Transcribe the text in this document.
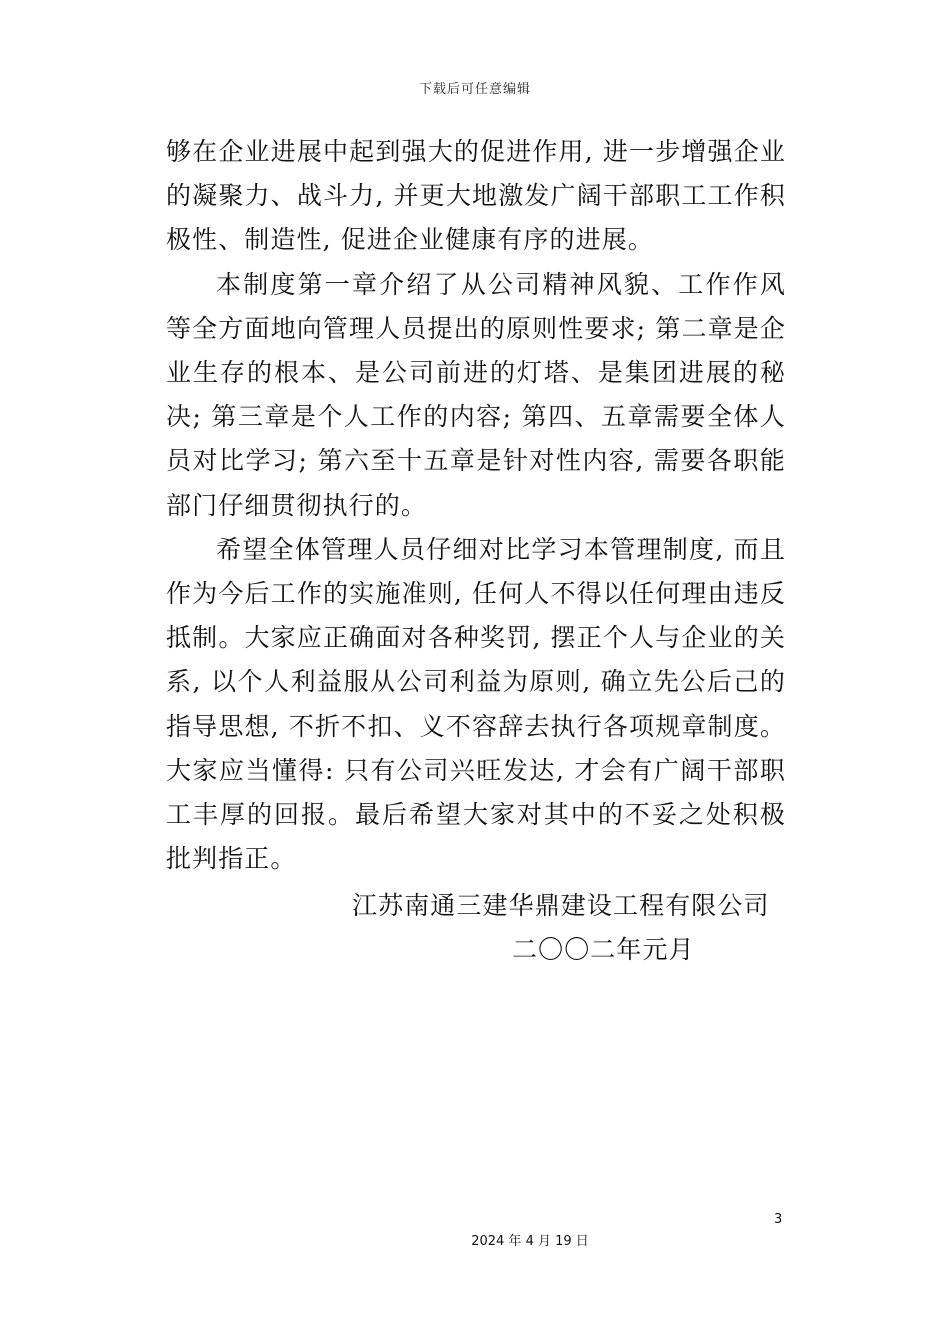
下载后可任意编辑

够在企业进展中起到强大的促进作用, 进一步增强企业的凝聚力、战斗力, 并更大地激发广阔干部职工工作积极性、制造性, 促进企业健康有序的进展。

本制度第一章介绍了从公司精神风貌、工作作风等全方面地向管理人员提出的原则性要求; 第二章是企业生存的根本、是公司前进的灯塔、是集团进展的秘决; 第三章是个人工作的内容; 第四、五章需要全体人员对比学习; 第六至十五章是针对性内容, 需要各职能部门仔细贯彻执行的。

希望全体管理人员仔细对比学习本管理制度, 而且作为今后工作的实施准则, 任何人不得以任何理由违反抵制。大家应正确面对各种奖罚, 摆正个人与企业的关系, 以个人利益服从公司利益为原则, 确立先公后己的指导思想, 不折不扣、义不容辞去执行各项规章制度。大家应当懂得: 只有公司兴旺发达, 才会有广阔干部职工丰厚的回报。最后希望大家对其中的不妥之处积极批判指正。

江苏南通三建华鼎建设工程有限公司
二〇〇二年元月
3
2024 年 4 月 19 日
